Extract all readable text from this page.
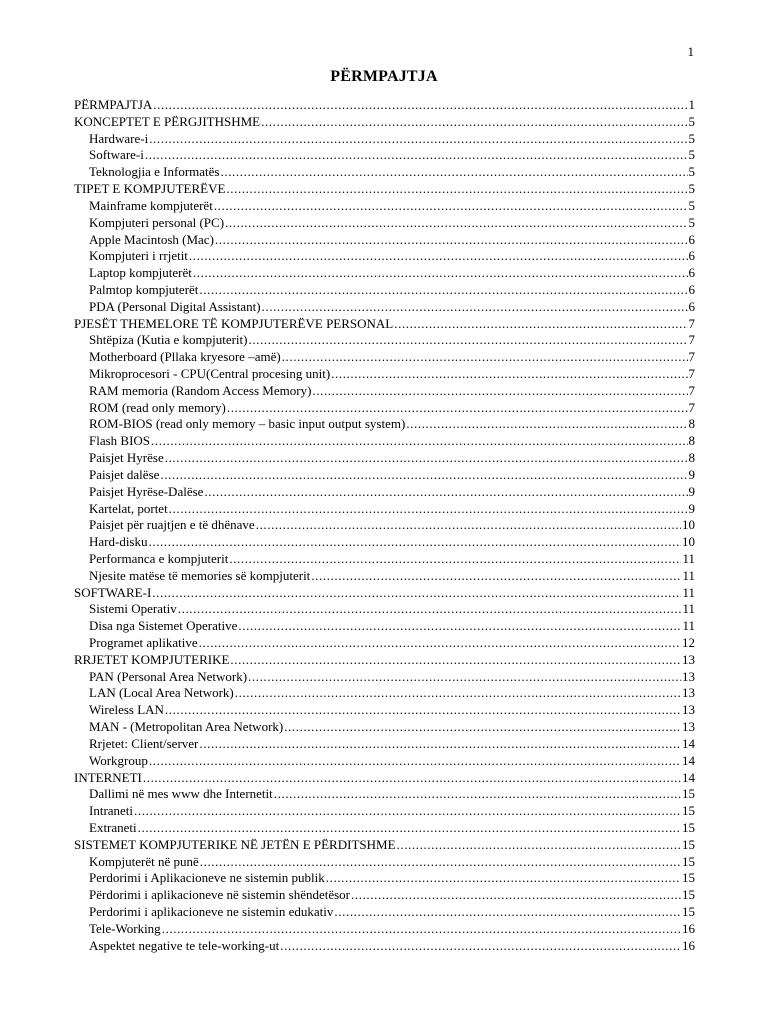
1
PËRMPAJTJA
PËRMPAJTJA .....	1
KONCEPTET E PËRGJITHSHME .....	5
Hardware-i .....	5
Software-i .....	5
Teknologjia e Informatës .....	5
TIPET E KOMPJUTERËVE .....	5
Mainframe kompjuterët .....	5
Kompjuteri personal (PC) .....	5
Apple Macintosh (Mac) .....	6
Kompjuteri i rrjetit .....	6
Laptop kompjuterët .....	6
Palmtop kompjuterët .....	6
PDA (Personal Digital Assistant) .....	6
PJESËT THEMELORE TË KOMPJUTERËVE PERSONAL .....	7
Shtëpiza (Kutia e kompjuterit) .....	7
Motherboard (Pllaka kryesore –amë) .....	7
Mikroprocesori - CPU(Central procesing unit) .....	7
RAM memoria (Random Access Memory) .....	7
ROM (read only memory) .....	7
ROM-BIOS (read only memory – basic input output system) .....	8
Flash BIOS .....	8
Paisjet Hyrëse .....	8
Paisjet dalëse .....	9
Paisjet Hyrëse-Dalëse .....	9
Kartelat, portet .....	9
Paisjet për ruajtjen e të dhënave .....	10
Hard-disku .....	10
Performanca e kompjuterit .....	11
Njesite matëse të memories së kompjuterit .....	11
SOFTWARE-I .....	11
Sistemi Operativ .....	11
Disa nga Sistemet Operative .....	11
Programet aplikative .....	12
RRJETET KOMPJUTERIKE .....	13
PAN (Personal Area Network) .....	13
LAN (Local Area Network) .....	13
Wireless LAN .....	13
MAN - (Metropolitan Area Network) .....	13
Rrjetet: Client/server .....	14
Workgroup .....	14
INTERNETI .....	14
Dallimi në mes www dhe Internetit .....	15
Intraneti .....	15
Extraneti .....	15
SISTEMET KOMPJUTERIKE NË JETËN E PËRDITSHME .....	15
Kompjuterët në punë .....	15
Perdorimi i Aplikacioneve ne sistemin publik .....	15
Përdorimi i aplikacioneve në sistemin shëndetësor .....	15
Perdorimi i aplikacioneve ne sistemin edukativ .....	15
Tele-Working .....	16
Aspektet negative te tele-working-ut .....	16
